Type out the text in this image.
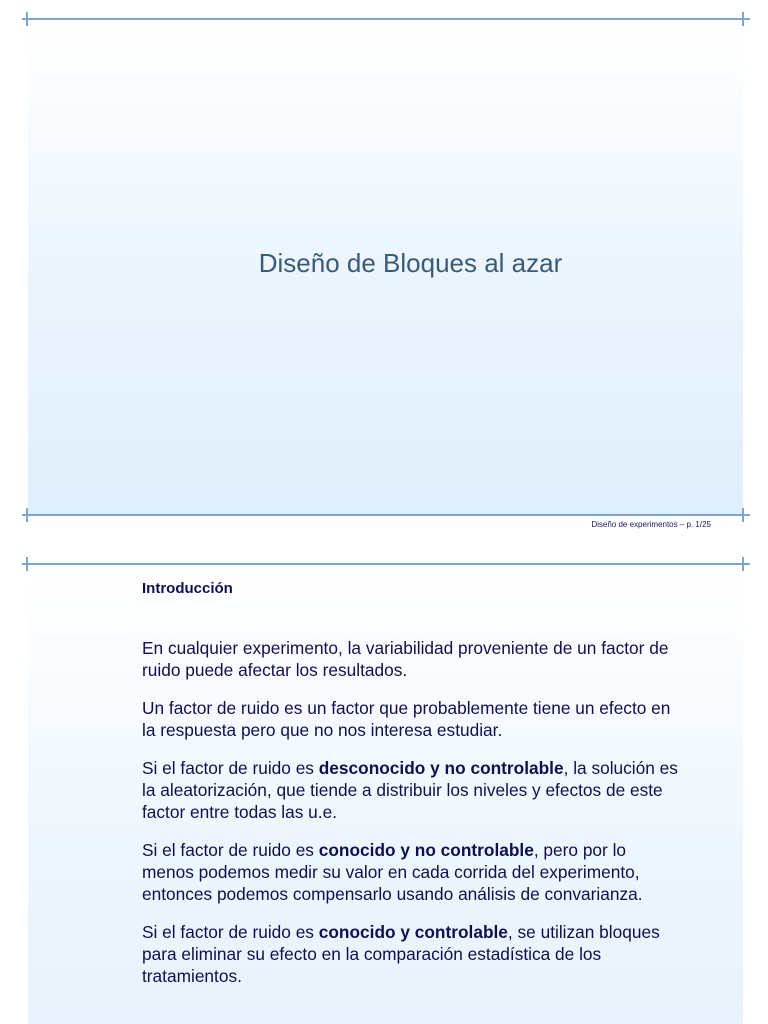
Diseño de Bloques al azar
Diseño de experimentos – p. 1/25
Introducción

En cualquier experimento, la variabilidad proveniente de un factor de ruido puede afectar los resultados.

Un factor de ruido es un factor que probablemente tiene un efecto en la respuesta pero que no nos interesa estudiar.

Si el factor de ruido es desconocido y no controlable, la solución es la aleatorización, que tiende a distribuir los niveles y efectos de este factor entre todas las u.e.

Si el factor de ruido es conocido y no controlable, pero por lo menos podemos medir su valor en cada corrida del experimento, entonces podemos compensarlo usando análisis de convarianza.

Si el factor de ruido es conocido y controlable, se utilizan bloques para eliminar su efecto en la comparación estadística de los tratamientos.
